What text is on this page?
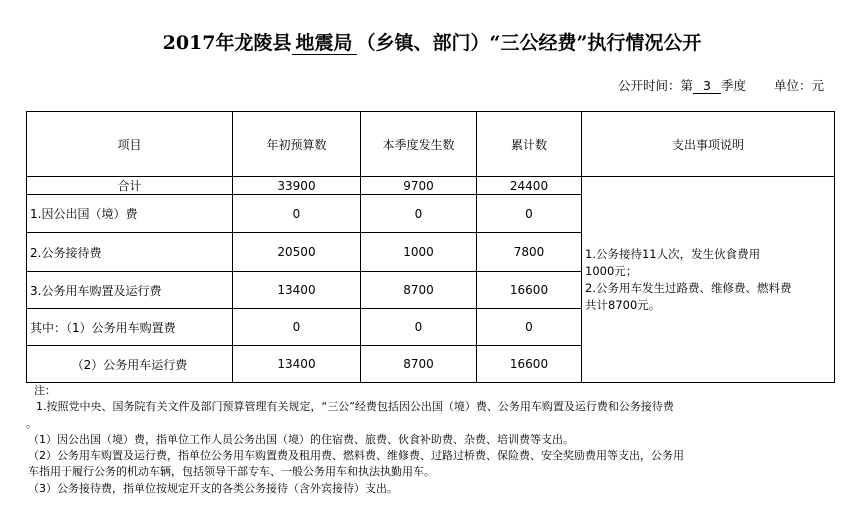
2017年龙陵县 地震局 （乡镇、部门）“三公经费”执行情况公开
公开时间：第 3 季度 单位：元
项目	年初预算数	本季度发生数	累计数	支出事项说明
合计	33900	9700	24400	1.公务接待11人次，发生伙食费用
1000元；
2.公务用车发生过路费、维修费、燃料费
共计8700元。

1.因公出国（境）费	0	0	0	
2.公务接待费	20500	1000	7800	
3.公务用车购置及运行费	13400	8700	16600	
其中：（1）公务用车购置费	0	0	0	
（2）公务用车运行费	13400	8700	16600	
注：
1.按照党中央、国务院有关文件及部门预算管理有关规定，“三公”经费包括因公出国（境）费、公务用车购置及运行费和公务接待费
。
（1）因公出国（境）费，指单位工作人员公务出国（境）的住宿费、旅费、伙食补助费、杂费、培训费等支出。
（2）公务用车购置及运行费，指单位公务用车购置费及租用费、燃料费、维修费、过路过桥费、保险费、安全奖励费用等支出，公务用
车指用于履行公务的机动车辆，包括领导干部专车、一般公务用车和执法执勤用车。
（3）公务接待费，指单位按规定开支的各类公务接待（含外宾接待）支出。
